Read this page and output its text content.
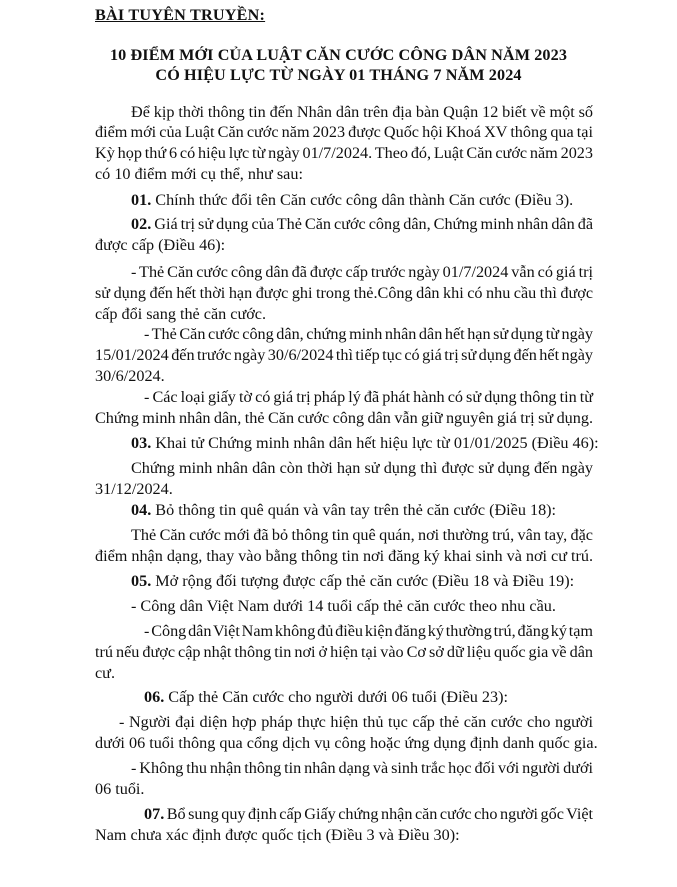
BÀI TUYÊN TRUYỀN:
10 ĐIỂM MỚI CỦA LUẬT CĂN CƯỚC CÔNG DÂN NĂM 2023
CÓ HIỆU LỰC TỪ NGÀY 01 THÁNG 7 NĂM 2024
Để kịp thời thông tin đến Nhân dân trên địa bàn Quận 12 biết về một số
điểm mới của Luật Căn cước năm 2023 được Quốc hội Khoá XV thông qua tại
Kỳ họp thứ 6 có hiệu lực từ ngày 01/7/2024. Theo đó, Luật Căn cước năm 2023
có 10 điểm mới cụ thể, như sau:
01. Chính thức đổi tên Căn cước công dân thành Căn cước (Điều 3).
02. Giá trị sử dụng của Thẻ Căn cước công dân, Chứng minh nhân dân đã
được cấp (Điều 46):
- Thẻ Căn cước công dân đã được cấp trước ngày 01/7/2024 vẫn có giá trị
sử dụng đến hết thời hạn được ghi trong thẻ.Công dân khi có nhu cầu thì được
cấp đổi sang thẻ căn cước.
- Thẻ Căn cước công dân, chứng minh nhân dân hết hạn sử dụng từ ngày
15/01/2024 đến trước ngày 30/6/2024 thì tiếp tục có giá trị sử dụng đến hết ngày
30/6/2024.
- Các loại giấy tờ có giá trị pháp lý đã phát hành có sử dụng thông tin từ
Chứng minh nhân dân, thẻ Căn cước công dân vẫn giữ nguyên giá trị sử dụng.
03. Khai tử Chứng minh nhân dân hết hiệu lực từ 01/01/2025 (Điều 46):
Chứng minh nhân dân còn thời hạn sử dụng thì được sử dụng đến ngày
31/12/2024.
04. Bỏ thông tin quê quán và vân tay trên thẻ căn cước (Điều 18):
Thẻ Căn cước mới đã bỏ thông tin quê quán, nơi thường trú, vân tay, đặc
điểm nhận dạng, thay vào bằng thông tin nơi đăng ký khai sinh và nơi cư trú.
05. Mở rộng đối tượng được cấp thẻ căn cước (Điều 18 và Điều 19):
- Công dân Việt Nam dưới 14 tuổi cấp thẻ căn cước theo nhu cầu.
- Công dân Việt Nam không đủ điều kiện đăng ký thường trú, đăng ký tạm
trú nếu được cập nhật thông tin nơi ở hiện tại vào Cơ sở dữ liệu quốc gia về dân
cư.
06. Cấp thẻ Căn cước cho người dưới 06 tuổi (Điều 23):
- Người đại diện hợp pháp thực hiện thủ tục cấp thẻ căn cước cho người
dưới 06 tuổi thông qua cổng dịch vụ công hoặc ứng dụng định danh quốc gia.
- Không thu nhận thông tin nhân dạng và sinh trắc học đối với người dưới
06 tuổi.
07. Bổ sung quy định cấp Giấy chứng nhận căn cước cho người gốc Việt
Nam chưa xác định được quốc tịch (Điều 3 và Điều 30):
